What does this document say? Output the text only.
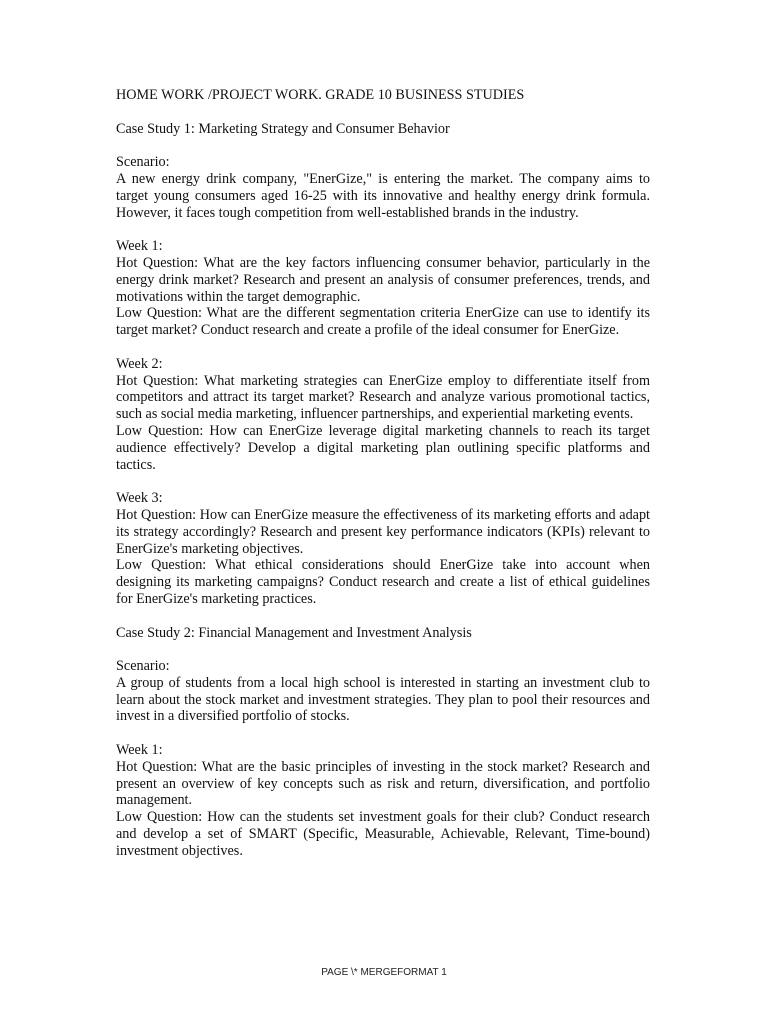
HOME WORK /PROJECT WORK. GRADE 10 BUSINESS STUDIES

Case Study 1: Marketing Strategy and Consumer Behavior

Scenario:

A new energy drink company, "EnerGize," is entering the market. The company aims to target young consumers aged 16-25 with its innovative and healthy energy drink formula. However, it faces tough competition from well-established brands in the industry.

Week 1:

Hot Question: What are the key factors influencing consumer behavior, particularly in the energy drink market? Research and present an analysis of consumer preferences, trends, and motivations within the target demographic.

Low Question: What are the different segmentation criteria EnerGize can use to identify its target market? Conduct research and create a profile of the ideal consumer for EnerGize.

Week 2:

Hot Question: What marketing strategies can EnerGize employ to differentiate itself from competitors and attract its target market? Research and analyze various promotional tactics, such as social media marketing, influencer partnerships, and experiential marketing events.

Low Question: How can EnerGize leverage digital marketing channels to reach its target audience effectively? Develop a digital marketing plan outlining specific platforms and tactics.

Week 3:

Hot Question: How can EnerGize measure the effectiveness of its marketing efforts and adapt its strategy accordingly? Research and present key performance indicators (KPIs) relevant to EnerGize's marketing objectives.

Low Question: What ethical considerations should EnerGize take into account when designing its marketing campaigns? Conduct research and create a list of ethical guidelines for EnerGize's marketing practices.

Case Study 2: Financial Management and Investment Analysis

Scenario:

A group of students from a local high school is interested in starting an investment club to learn about the stock market and investment strategies. They plan to pool their resources and invest in a diversified portfolio of stocks.

Week 1:

Hot Question: What are the basic principles of investing in the stock market? Research and present an overview of key concepts such as risk and return, diversification, and portfolio management.

Low Question: How can the students set investment goals for their club? Conduct research and develop a set of SMART (Specific, Measurable, Achievable, Relevant, Time-bound) investment objectives.

PAGE \* MERGEFORMAT 1
